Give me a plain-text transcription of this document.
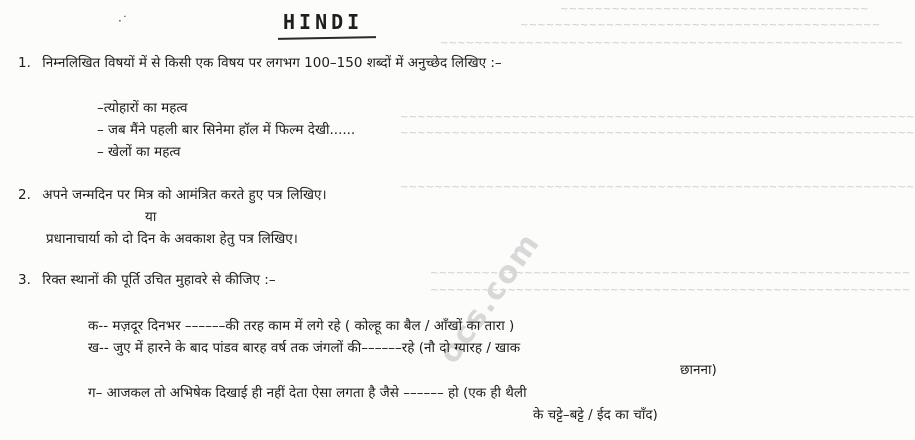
~~~~~~~~~~~~~~~~~~~~~~~~~~~~~~~~~~~~
~~~~~~~~~~~~~~~~~~~~~~~~~~~~~~~~~~~~~~~~~~
~~~~~~~~~~~~~~~~~~~~~~~~~~~~~~~~~~~~~~~~~~~~~~~~~~~~~~
~~~~~~~~~~~~~~~~~~~~~~~~~~~~~~~~~~~~~~~~~~~~~~~~~~~~~~~~~~~~
~~~~~~~~~~~~~~~~~~~~~~~~~~~~~~~~~~~~~~~~~~~~~~~~~~~~~~~~~~~~
~~~~~~~~~~~~~~~~~~~~~~~~~~~~~~~~~~~~~~~~~~~~~~~~~~~~~~~~~~~~
~~~~~~~~~~~~~~~~~~~~~~~~~~~~~~~~~~~~~~~~~~~~~~~~~~~~~~~~
~~~~~~~~~~~~~~~~~~~~~~~~~~~~~~~~~~~~~~~~~~~~~~~~~~~~~~~~
ocs.com
·˙	HINDI
1. निम्नलिखित विषयों में से किसी एक विषय पर लगभग 100–150 शब्दों में अनुच्छेद लिखिए :–
–त्योहारों का महत्व
– जब मैंने पहली बार सिनेमा हॉल में फिल्म देखी......
– खेलों का महत्व
2. अपने जन्मदिन पर मित्र को आमंत्रित करते हुए पत्र लिखिए।
या
प्रधानाचार्या को दो दिन के अवकाश हेतु पत्र लिखिए।
3. रिक्त स्थानों की पूर्ति उचित मुहावरे से कीजिए :–
क-- मज़दूर दिनभर ––––––की तरह काम में लगे रहे ( कोल्हू का बैल / आँखों का तारा )
ख-- जुए में हारने के बाद पांडव बारह वर्ष तक जंगलों की––––––रहे (नौ दो ग्यारह / खाक
छानना)
ग– आजकल तो अभिषेक दिखाई ही नहीं देता ऐसा लगता है जैसे –––––– हो (एक ही थैली
के चट्टे–बट्टे / ईद का चाँद)
